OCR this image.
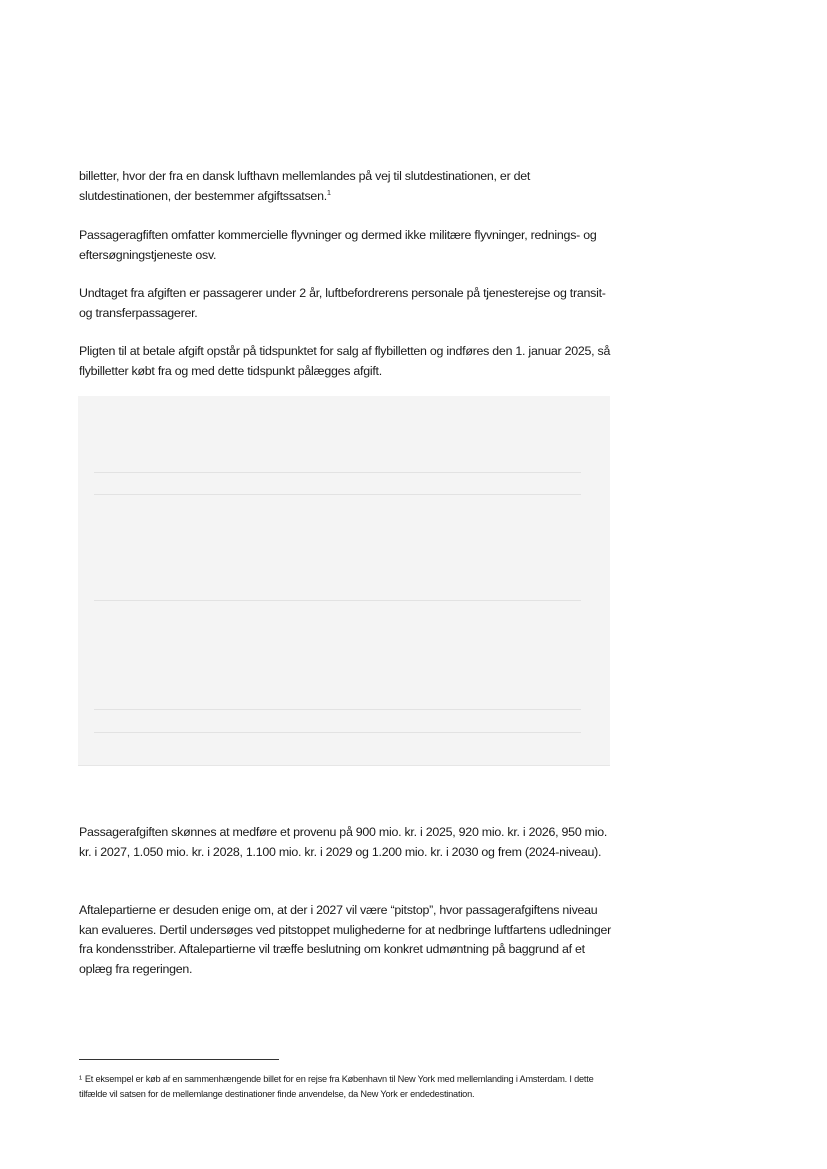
billetter, hvor der fra en dansk lufthavn mellemlandes på vej til slutdestinationen, er det slutdestinationen, der bestemmer afgiftssatsen.$^1$

Passageragfiften omfatter kommercielle flyvninger og dermed ikke militære flyvninger, rednings- og eftersøgningstjeneste osv.

Undtaget fra afgiften er passagerer under 2 år, luftbefordrerens personale på tjenesterejse og transit- og transferpassagerer.

Pligten til at betale afgift opstår på tidspunktet for salg af flybilletten og indføres den 1. januar 2025, så flybilletter købt fra og med dette tidspunkt pålægges afgift.

Passagerafgiften skønnes at medføre et provenu på 900 mio. kr. i 2025, 920 mio. kr. i 2026, 950 mio. kr. i 2027, 1.050 mio. kr. i 2028, 1.100 mio. kr. i 2029 og 1.200 mio. kr. i 2030 og frem (2024-niveau).

Aftalepartierne er desuden enige om, at der i 2027 vil være “pitstop”, hvor passagerafgiftens niveau kan evalueres. Dertil undersøges ved pitstoppet mulighederne for at nedbringe luftfartens udledninger fra kondensstriber. Aftalepartierne vil træffe beslutning om konkret udmøntning på baggrund af et oplæg fra regeringen.

¹ Et eksempel er køb af en sammenhængende billet for en rejse fra København til New York med mellemlanding i Amsterdam. I dette tilfælde vil satsen for de mellemlange destinationer finde anvendelse, da New York er endedestination.
